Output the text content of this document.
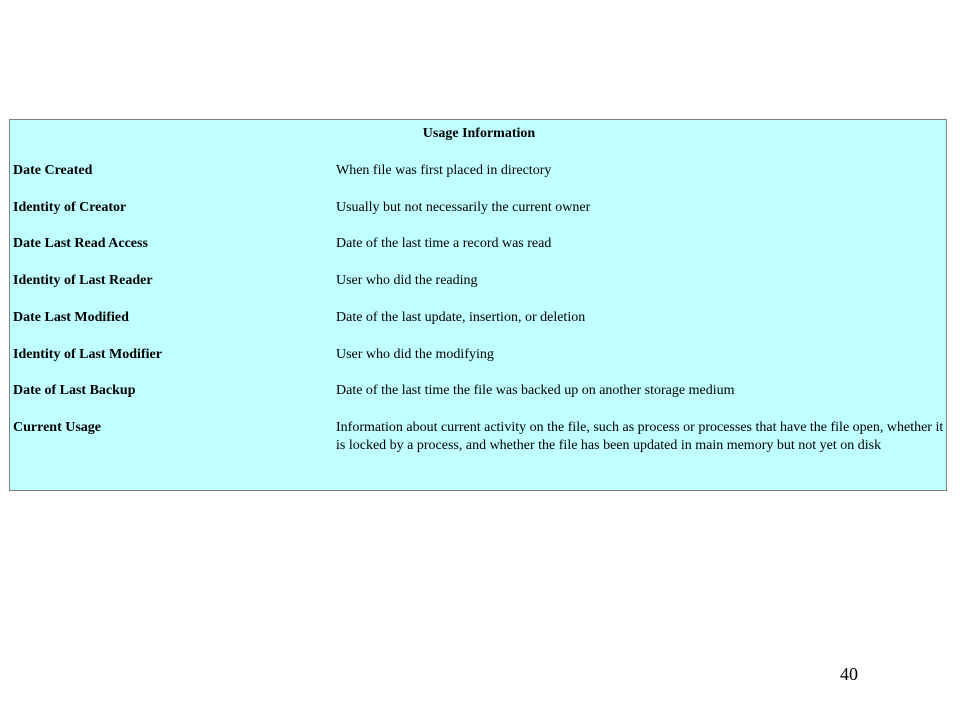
Usage Information
Date Created	When file was first placed in directory
Identity of Creator	Usually but not necessarily the current owner
Date Last Read Access	Date of the last time a record was read
Identity of Last Reader	User who did the reading
Date Last Modified	Date of the last update, insertion, or deletion
Identity of Last Modifier	User who did the modifying
Date of Last Backup	Date of the last time the file was backed up on another storage medium
Current Usage	Information about current activity on the file, such as process or processes that have the file open, whether it is locked by a process, and whether the file has been updated in main memory but not yet on disk
40
